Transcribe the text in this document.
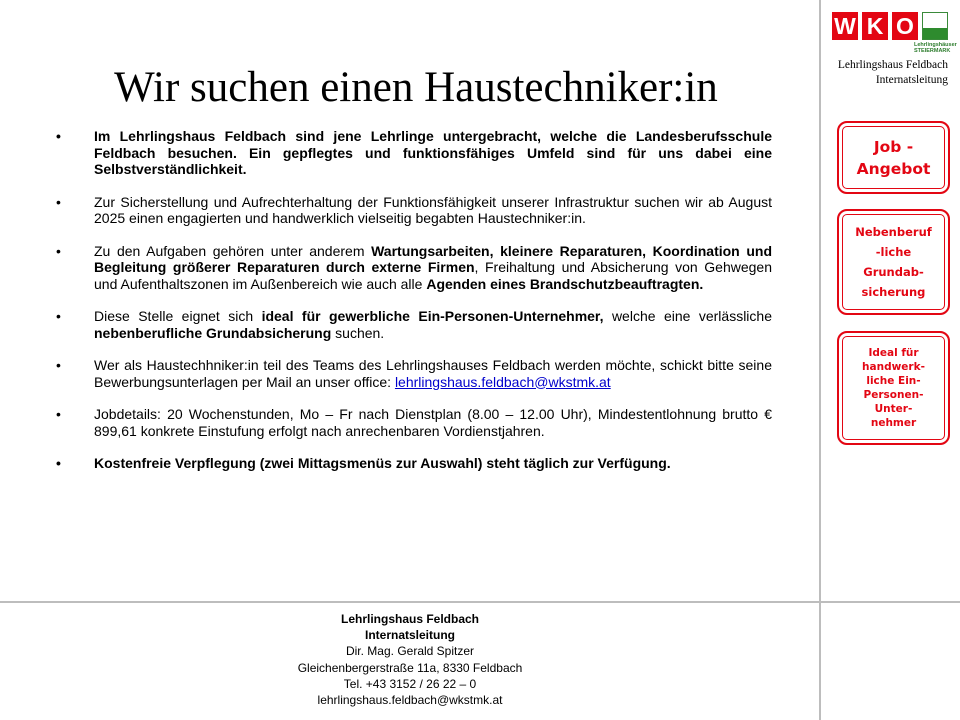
Wir suchen einen Haustechniker:in
• Im Lehrlingshaus Feldbach sind jene Lehrlinge untergebracht, welche die Landesberufsschule Feldbach besuchen. Ein gepflegtes und funktionsfähiges Umfeld sind für uns dabei eine Selbstverständlichkeit.
• Zur Sicherstellung und Aufrechterhaltung der Funktionsfähigkeit unserer Infrastruktur suchen wir ab August 2025 einen engagierten und handwerklich vielseitig begabten Haustechniker:in.
• Zu den Aufgaben gehören unter anderem Wartungsarbeiten, kleinere Reparaturen, Koordination und Begleitung größerer Reparaturen durch externe Firmen, Freihaltung und Absicherung von Gehwegen und Aufenthaltszonen im Außenbereich wie auch alle Agenden eines Brandschutzbeauftragten.
• Diese Stelle eignet sich ideal für gewerbliche Ein-Personen-Unternehmer, welche eine verlässliche nebenberufliche Grundabsicherung suchen.
• Wer als Haustechhniker:in teil des Teams des Lehrlingshauses Feldbach werden möchte, schickt bitte seine Bewerbungsunterlagen per Mail an unser office: lehrlingshaus.feldbach@wkstmk.at
• Jobdetails: 20 Wochenstunden, Mo – Fr nach Dienstplan (8.00 – 12.00 Uhr), Mindestentlohnung brutto € 899,61 konkrete Einstufung erfolgt nach anrechenbaren Vordienstjahren.
• Kostenfreie Verpflegung (zwei Mittagsmenüs zur Auswahl) steht täglich zur Verfügung.
W K O
Lehrlingshäuser
STEIERMARK
Lehrlingshaus Feldbach
Internatsleitung
Job -
Angebot
Nebenberuf
-liche
Grundab-
sicherung
Ideal für
handwerk-
liche Ein-
Personen-
Unter-
nehmer
Lehrlingshaus Feldbach
Internatsleitung
Dir. Mag. Gerald Spitzer
Gleichenbergerstraße 11a, 8330 Feldbach
Tel. +43 3152 / 26 22 – 0
lehrlingshaus.feldbach@wkstmk.at
